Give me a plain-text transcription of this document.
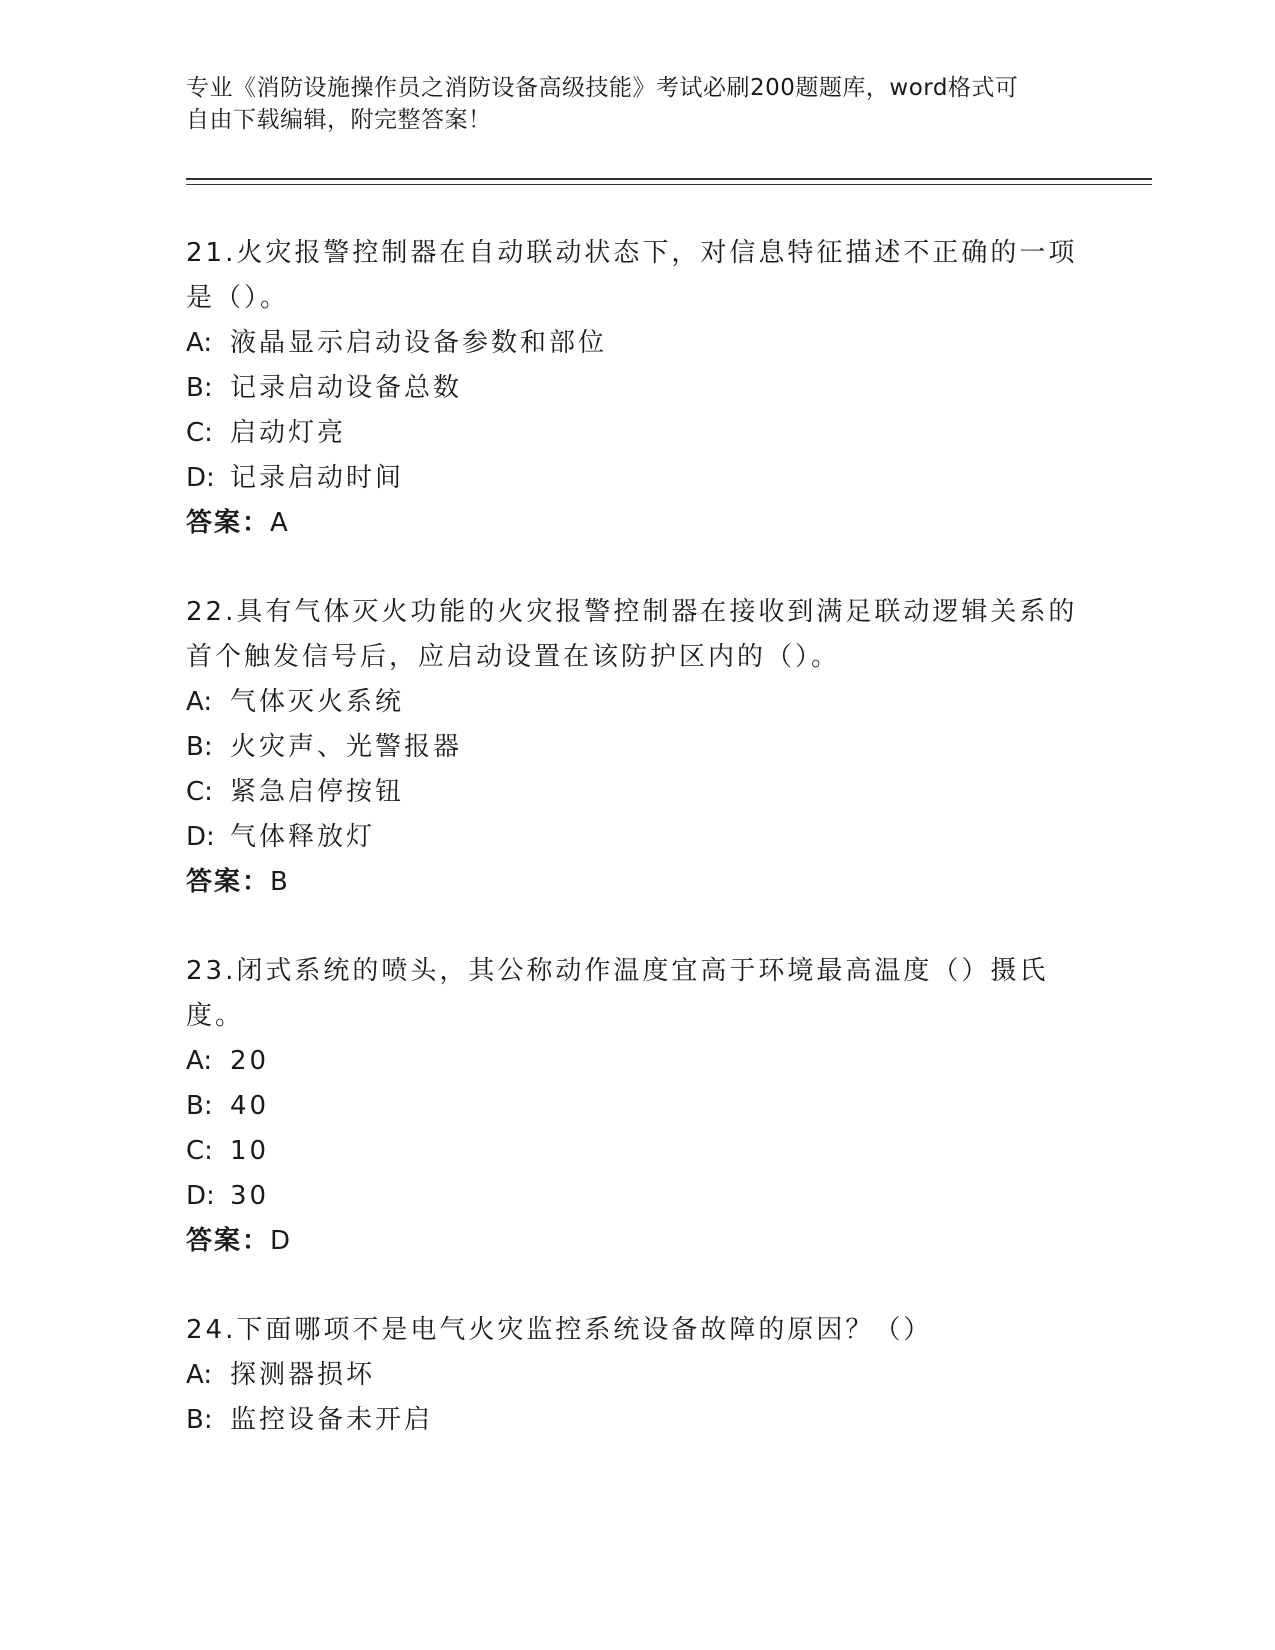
专业《消防设施操作员之消防设备高级技能》考试必刷200题题库，word格式可
自由下载编辑，附完整答案！
21.火灾报警控制器在自动联动状态下，对信息特征描述不正确的一项是（）。
A: 液晶显示启动设备参数和部位
B: 记录启动设备总数
C: 启动灯亮
D: 记录启动时间
答案：A
22.具有气体灭火功能的火灾报警控制器在接收到满足联动逻辑关系的首个触发信号后，应启动设置在该防护区内的（）。
A: 气体灭火系统
B: 火灾声、光警报器
C: 紧急启停按钮
D: 气体释放灯
答案：B
23.闭式系统的喷头，其公称动作温度宜高于环境最高温度（）摄氏度。
A: 20
B: 40
C: 10
D: 30
答案：D
24.下面哪项不是电气火灾监控系统设备故障的原因？（）
A: 探测器损坏
B: 监控设备未开启
